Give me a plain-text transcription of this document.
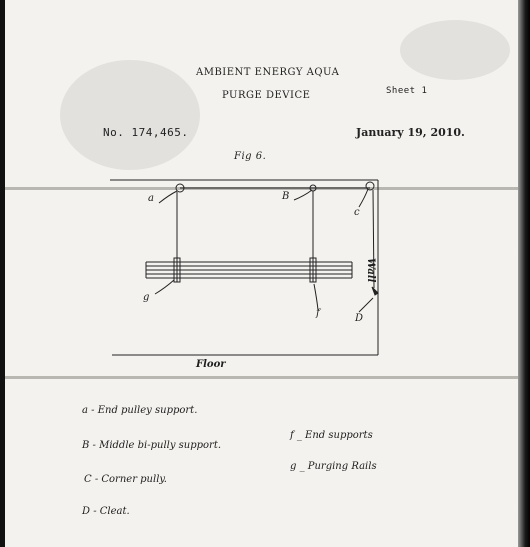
AMBIENT ENERGY AQUA
PURGE DEVICE	Sheet 1
No. 174,465.	January 19, 2010.
Fig 6.
a	B
c
D
f
g
Wall
Floor
a - End pulley support.
B - Middle bi-pully support.
C - Corner pully.
D - Cleat.
f _ End supports
g _ Purging Rails
